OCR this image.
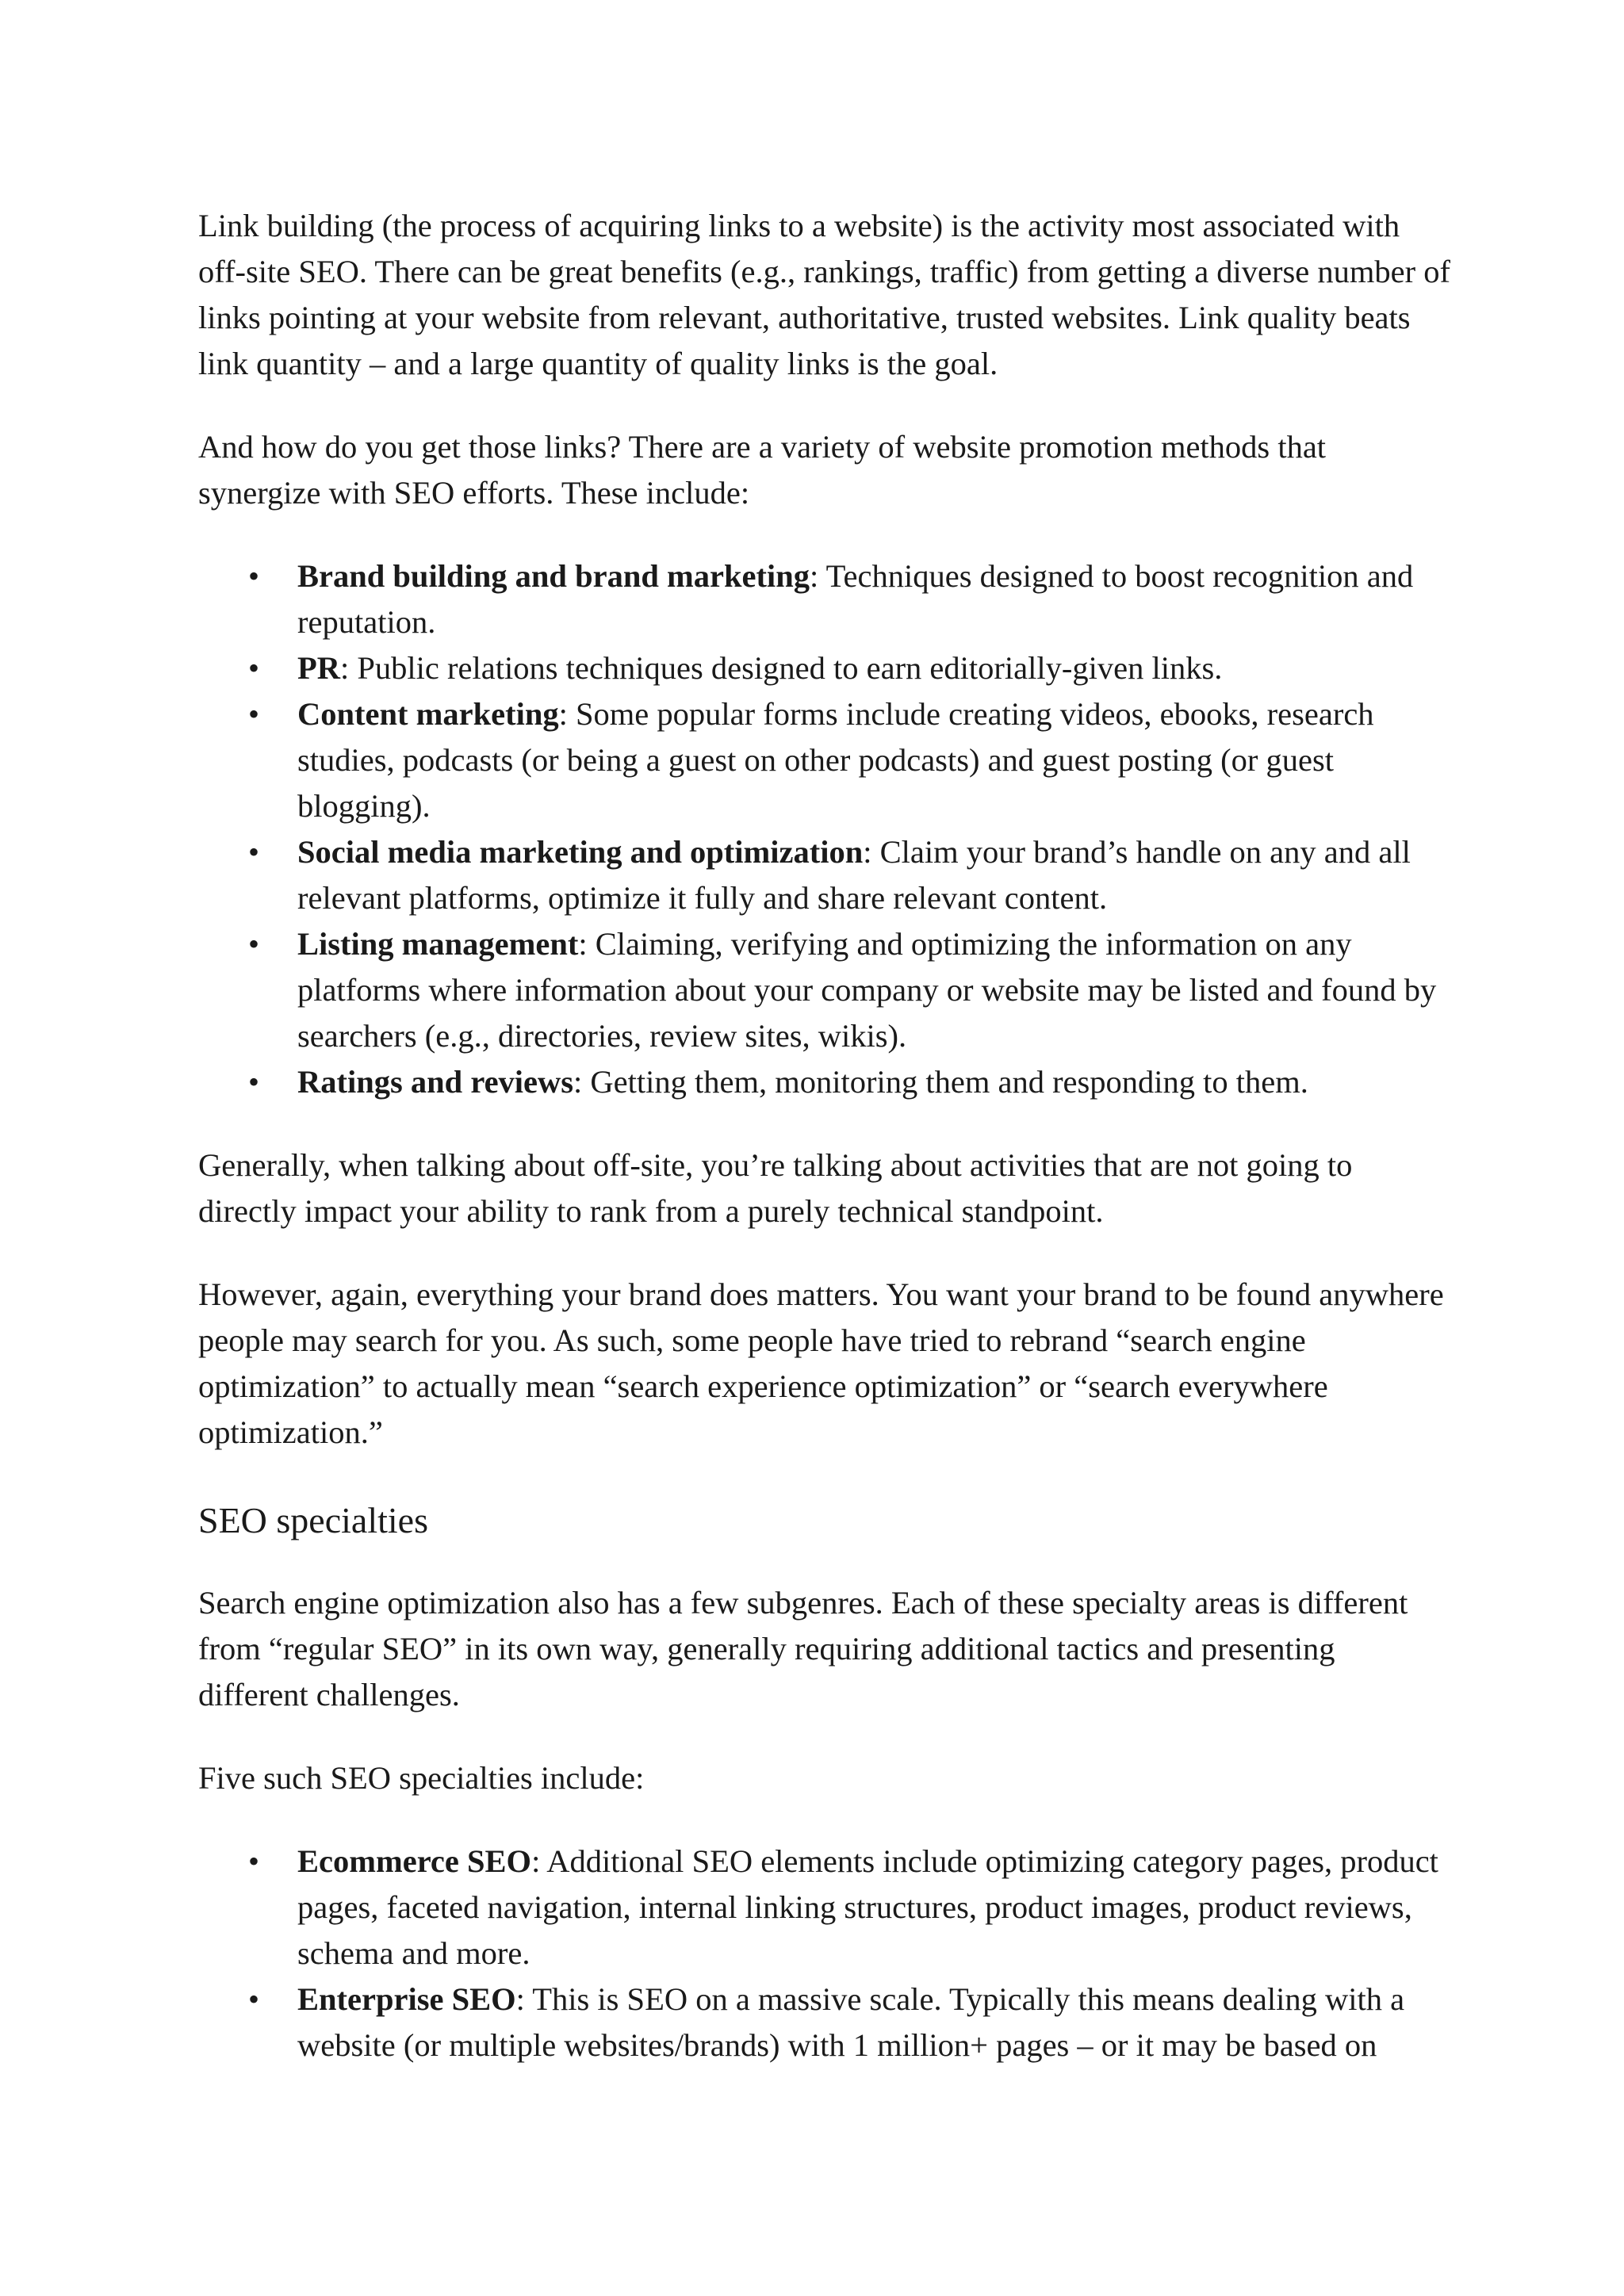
Link building (the process of acquiring links to a website) is the activity most associated with off-site SEO. There can be great benefits (e.g., rankings, traffic) from getting a diverse number of links pointing at your website from relevant, authoritative, trusted websites. Link quality beats link quantity – and a large quantity of quality links is the goal.

And how do you get those links? There are a variety of website promotion methods that synergize with SEO efforts. These include:

• Brand building and brand marketing: Techniques designed to boost recognition and reputation.
• PR: Public relations techniques designed to earn editorially-given links.
• Content marketing: Some popular forms include creating videos, ebooks, research studies, podcasts (or being a guest on other podcasts) and guest posting (or guest blogging).
• Social media marketing and optimization: Claim your brand’s handle on any and all relevant platforms, optimize it fully and share relevant content.
• Listing management: Claiming, verifying and optimizing the information on any platforms where information about your company or website may be listed and found by searchers (e.g., directories, review sites, wikis).
• Ratings and reviews: Getting them, monitoring them and responding to them.

Generally, when talking about off-site, you’re talking about activities that are not going to directly impact your ability to rank from a purely technical standpoint.

However, again, everything your brand does matters. You want your brand to be found anywhere people may search for you. As such, some people have tried to rebrand “search engine optimization” to actually mean “search experience optimization” or “search everywhere optimization.”

SEO specialties

Search engine optimization also has a few subgenres. Each of these specialty areas is different from “regular SEO” in its own way, generally requiring additional tactics and presenting different challenges.

Five such SEO specialties include:

• Ecommerce SEO: Additional SEO elements include optimizing category pages, product pages, faceted navigation, internal linking structures, product images, product reviews, schema and more.
• Enterprise SEO: This is SEO on a massive scale. Typically this means dealing with a website (or multiple websites/brands) with 1 million+ pages – or it may be based on
